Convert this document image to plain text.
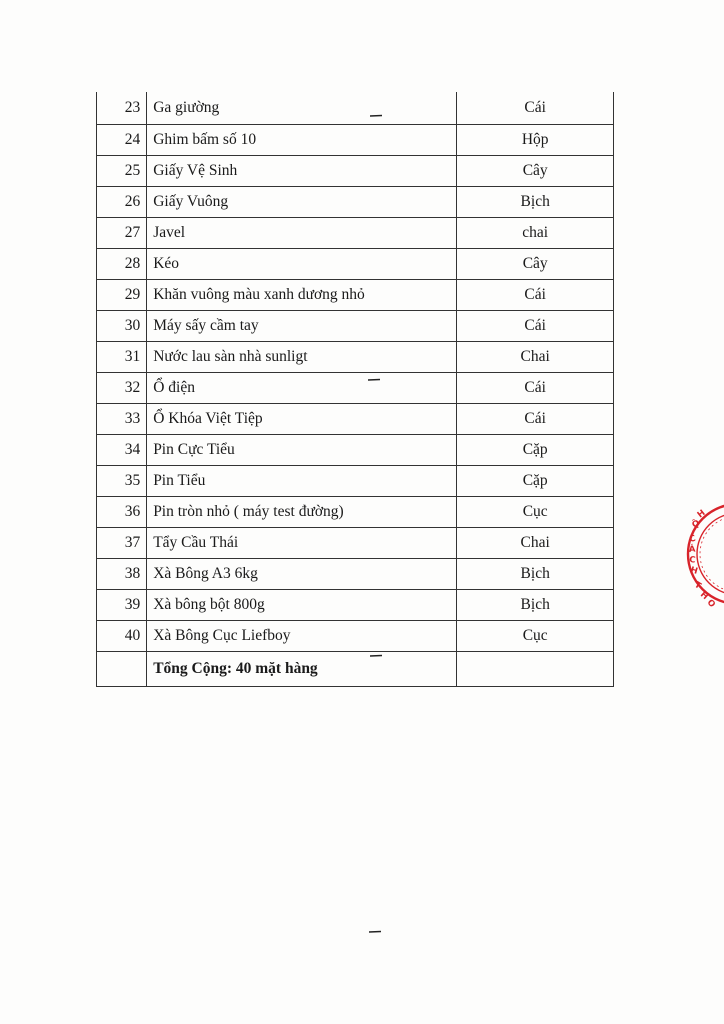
23	Ga giường	Cái
24	Ghim bấm số 10	Hộp
25	Giấy Vệ Sinh	Cây
26	Giấy Vuông	Bịch
27	Javel	chai
28	Kéo	Cây
29	Khăn vuông màu xanh dương nhỏ	Cái
30	Máy sấy cầm tay	Cái
31	Nước lau sàn nhà sunligt	Chai
32	Ổ điện	Cái
33	Ổ Khóa Việt Tiệp	Cái
34	Pin Cực Tiểu	Cặp
35	Pin Tiểu	Cặp
36	Pin tròn nhỏ ( máy test đường)	Cục
37	Tẩy Cầu Thái	Chai
38	Xà Bông A3 6kg	Bịch
39	Xà bông bột 800g	Bịch
40	Xà Bông Cục Liefboy	Cục
	Tổng Cộng: 40 mặt hàng	
H
Ộ
C
Á
C
H
T
H
O
